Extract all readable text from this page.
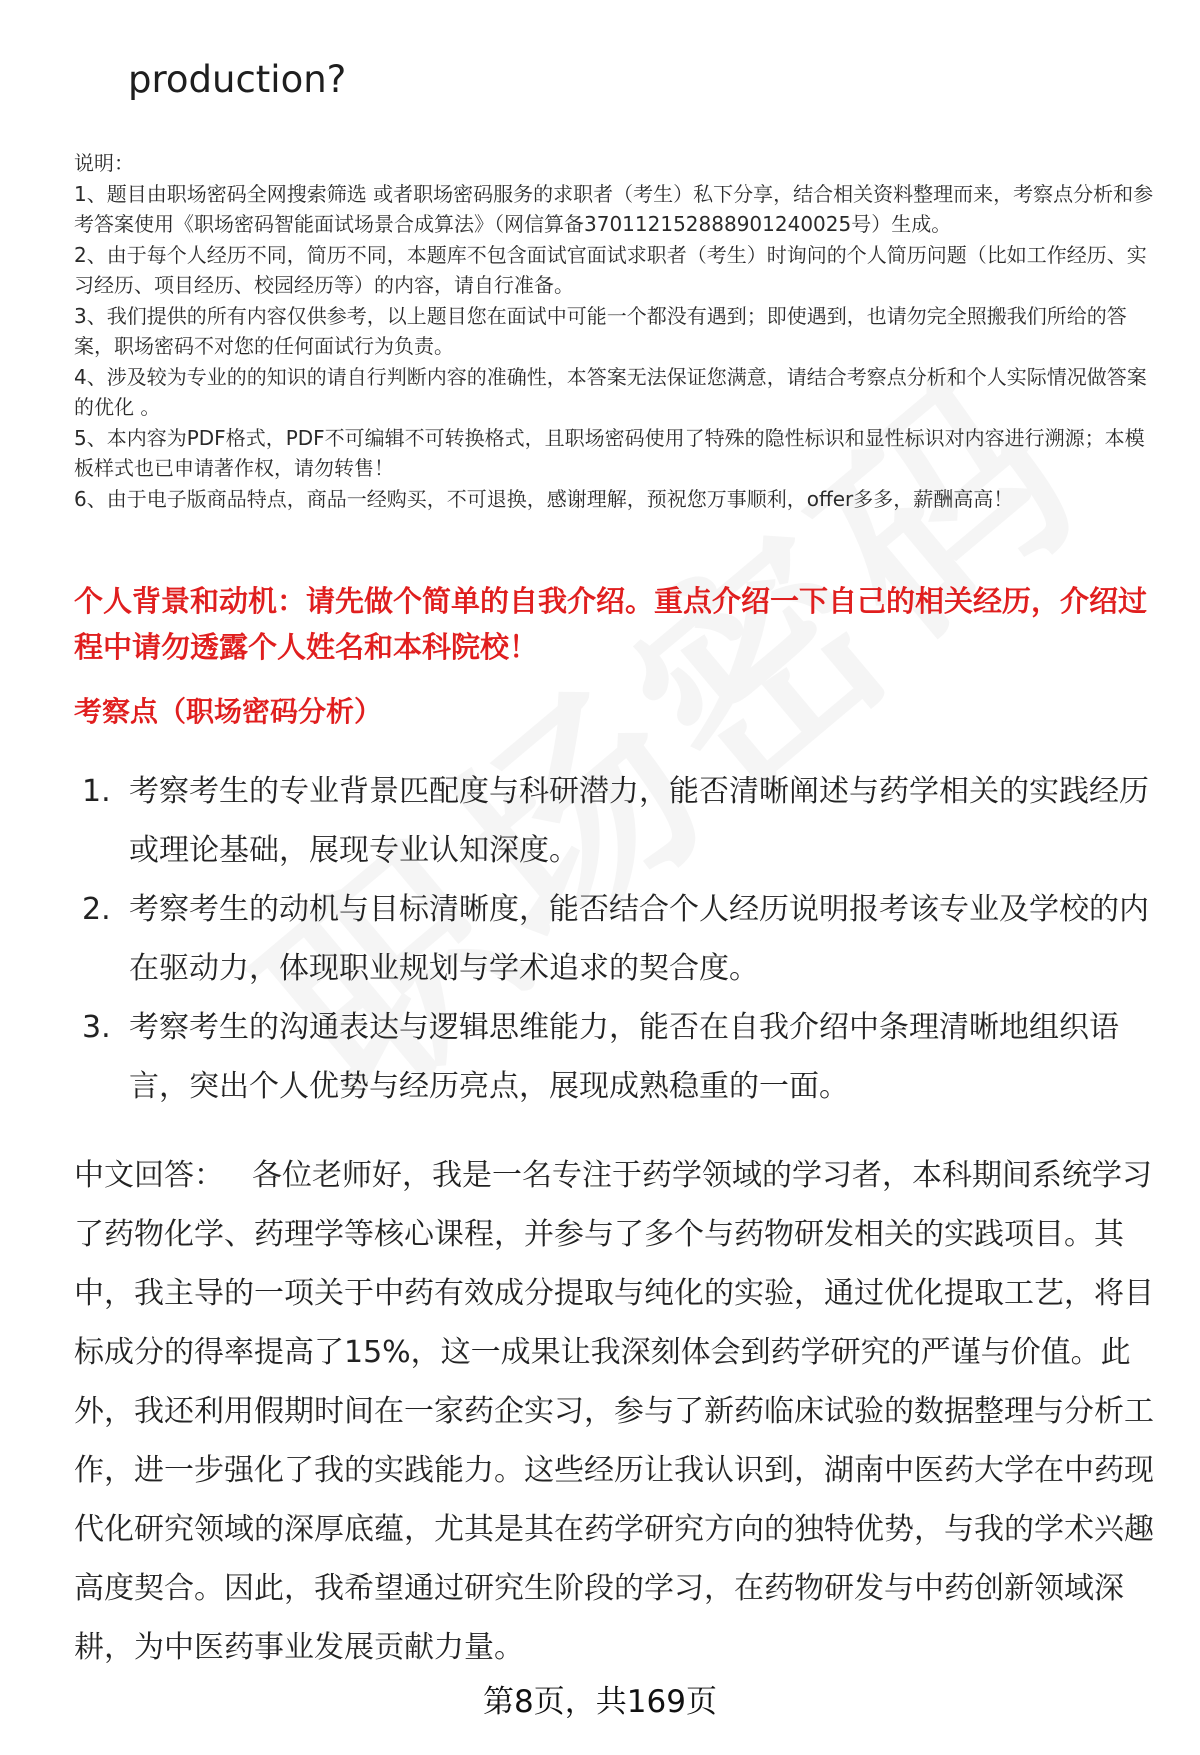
production?

说明：

1、题目由职场密码全网搜索筛选 或者职场密码服务的求职者（考生）私下分享，结合相关资料整理而来，考察点分析和参考答案使用《职场密码智能面试场景合成算法》（网信算备370112152888901240025号）生成。

2、由于每个人经历不同，简历不同，本题库不包含面试官面试求职者（考生）时询问的个人简历问题（比如工作经历、实习经历、项目经历、校园经历等）的内容，请自行准备。

3、我们提供的所有内容仅供参考，以上题目您在面试中可能一个都没有遇到；即使遇到，也请勿完全照搬我们所给的答案，职场密码不对您的任何面试行为负责。

4、涉及较为专业的的知识的请自行判断内容的准确性，本答案无法保证您满意，请结合考察点分析和个人实际情况做答案的优化 。

5、本内容为PDF格式，PDF不可编辑不可转换格式，且职场密码使用了特殊的隐性标识和显性标识对内容进行溯源；本模板样式也已申请著作权，请勿转售！

6、由于电子版商品特点，商品一经购买，不可退换，感谢理解，预祝您万事顺利，offer多多，薪酬高高！

个人背景和动机：请先做个简单的自我介绍。重点介绍一下自己的相关经历，介绍过程中请勿透露个人姓名和本科院校！
考察点（职场密码分析）
1. 考察考生的专业背景匹配度与科研潜力，能否清晰阐述与药学相关的实践经历或理论基础，展现专业认知深度。
2. 考察考生的动机与目标清晰度，能否结合个人经历说明报考该专业及学校的内在驱动力，体现职业规划与学术追求的契合度。
3. 考察考生的沟通表达与逻辑思维能力，能否在自我介绍中条理清晰地组织语言，突出个人优势与经历亮点，展现成熟稳重的一面。
中文回答： 各位老师好，我是一名专注于药学领域的学习者，本科期间系统学习了药物化学、药理学等核心课程，并参与了多个与药物研发相关的实践项目。其中，我主导的一项关于中药有效成分提取与纯化的实验，通过优化提取工艺，将目标成分的得率提高了15%，这一成果让我深刻体会到药学研究的严谨与价值。此外，我还利用假期时间在一家药企实习，参与了新药临床试验的数据整理与分析工作，进一步强化了我的实践能力。这些经历让我认识到，湖南中医药大学在中药现代化研究领域的深厚底蕴，尤其是其在药学研究方向的独特优势，与我的学术兴趣高度契合。因此，我希望通过研究生阶段的学习，在药物研发与中药创新领域深耕，为中医药事业发展贡献力量。
第8页，共169页
